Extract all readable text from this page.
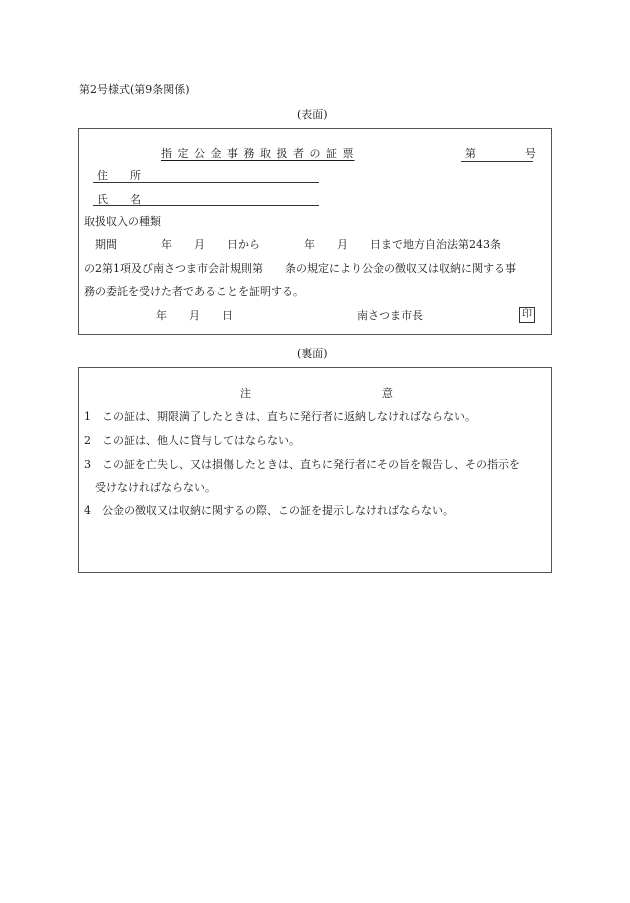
第2号様式(第9条関係)
(表面)
指 定 公 金 事 務 取 扱 者 の 証 票	第	号
住　　所
氏　　名
取扱収入の種類
　期間　　　　年　　月　　日から　　　　年　　月　　日まで地方自治法第243条
の2第1項及び南さつま市会計規則第　　条の規定により公金の徴収又は収納に関する事
務の委託を受けた者であることを証明する。
年　　月　　日	南さつま市長	印
(裏面)
注	意
1　この証は、期限満了したときは、直ちに発行者に返納しなければならない。
2　この証は、他人に貸与してはならない。
3　この証を亡失し、又は損傷したときは、直ちに発行者にその旨を報告し、その指示を
　受けなければならない。
4　公金の徴収又は収納に関するの際、この証を提示しなければならない。
